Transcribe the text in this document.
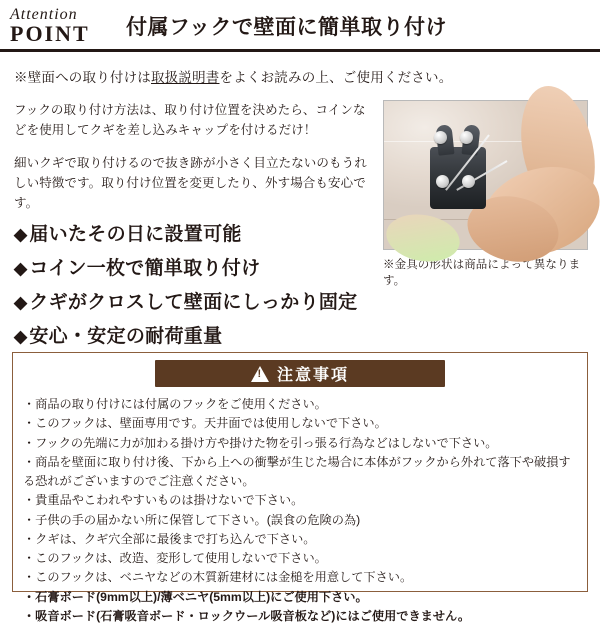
Attention
POINT	付属フックで壁面に簡単取り付け
※壁面への取り付けは取扱説明書をよくお読みの上、ご使用ください。

フックの取り付け方法は、取り付け位置を決めたら、コインなどを使用してクギを差し込みキャップを付けるだけ！

細いクギで取り付けるので抜き跡が小さく目立たないのもうれしい特徴です。取り付け位置を変更したり、外す場合も安心です。

◆ 届いたその日に設置可能
◆ コイン一枚で簡単取り付け
◆ クギがクロスして壁面にしっかり固定
◆ 安心・安定の耐荷重量
※金具の形状は商品によって異なります。
!
注意事項
・商品の取り付けには付属のフックをご使用ください。
・このフックは、壁面専用です。天井面では使用しないで下さい。
・フックの先端に力が加わる掛け方や掛けた物を引っ張る行為などはしないで下さい。
・商品を壁面に取り付け後、下から上への衝撃が生じた場合に本体がフックから外れて落下や破損する恐れがございますのでご注意ください。
・貴重品やこわれやすいものは掛けないで下さい。
・子供の手の届かない所に保管して下さい。(誤食の危険の為)
・クギは、クギ穴全部に最後まで打ち込んで下さい。
・このフックは、改造、変形して使用しないで下さい。
・このフックは、ベニヤなどの木質新建材には金槌を用意して下さい。
・石膏ボード(9mm以上)/薄ベニヤ(5mm以上)にご使用下さい。
・吸音ボード(石膏吸音ボード・ロックウール吸音板など)にはご使用できません。
